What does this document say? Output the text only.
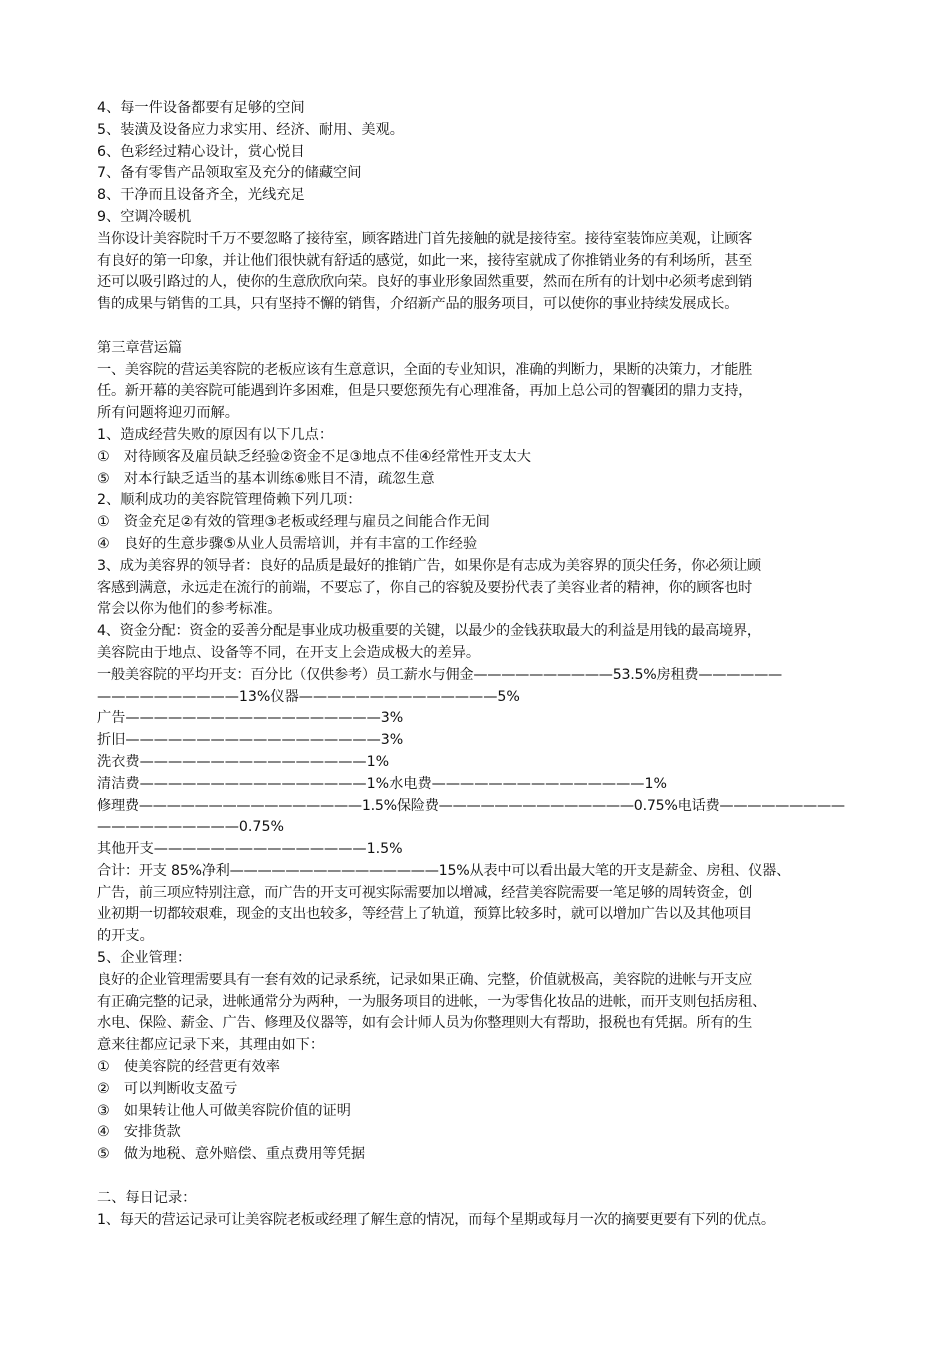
4、每一件设备都要有足够的空间
5、装潢及设备应力求实用、经济、耐用、美观。
6、色彩经过精心设计，赏心悦目
7、备有零售产品领取室及充分的储藏空间
8、干净而且设备齐全，光线充足
9、空调冷暖机
当你设计美容院时千万不要忽略了接待室，顾客踏进门首先接触的就是接待室。接待室装饰应美观，让顾客
有良好的第一印象，并让他们很快就有舒适的感觉，如此一来，接待室就成了你推销业务的有利场所，甚至
还可以吸引路过的人，使你的生意欣欣向荣。良好的事业形象固然重要，然而在所有的计划中必须考虑到销
售的成果与销售的工具，只有坚持不懈的销售，介绍新产品的服务项目，可以使你的事业持续发展成长。
第三章营运篇
一、美容院的营运美容院的老板应该有生意意识，全面的专业知识，准确的判断力，果断的决策力，才能胜
任。新开幕的美容院可能遇到许多困难，但是只要您预先有心理准备，再加上总公司的智囊团的鼎力支持，
所有问题将迎刃而解。
1、造成经营失败的原因有以下几点：
①　对待顾客及雇员缺乏经验②资金不足③地点不佳④经常性开支太大
⑤　对本行缺乏适当的基本训练⑥账目不清，疏忽生意
2、顺利成功的美容院管理倚赖下列几项：
①　资金充足②有效的管理③老板或经理与雇员之间能合作无间
④　良好的生意步骤⑤从业人员需培训，并有丰富的工作经验
3、成为美容界的领导者：良好的品质是最好的推销广告，如果你是有志成为美容界的顶尖任务，你必须让顾
客感到满意，永远走在流行的前端，不要忘了，你自己的容貌及要扮代表了美容业者的精神，你的顾客也时
常会以你为他们的参考标准。
4、资金分配：资金的妥善分配是事业成功极重要的关键，以最少的金钱获取最大的利益是用钱的最高境界，
美容院由于地点、设备等不同，在开支上会造成极大的差异。
一般美容院的平均开支：百分比（仅供参考）员工薪水与佣金——————————53.5%房租费——————
——————————13%仪器——————————————5%
广告——————————————————3%
折旧——————————————————3%
洗衣费————————————————1%
清洁费————————————————1%水电费———————————————1%
修理费————————————————1.5%保险费——————————————0.75%电话费—————————
——————————0.75%
其他开支———————————————1.5%
合计：开支 85%净利———————————————15%从表中可以看出最大笔的开支是薪金、房租、仪器、
广告，前三项应特别注意，而广告的开支可视实际需要加以增减，经营美容院需要一笔足够的周转资金，创
业初期一切都较艰难，现金的支出也较多，等经营上了轨道，预算比较多时，就可以增加广告以及其他项目
的开支。
5、企业管理：
良好的企业管理需要具有一套有效的记录系统，记录如果正确、完整，价值就极高，美容院的进帐与开支应
有正确完整的记录，进帐通常分为两种，一为服务项目的进帐，一为零售化妆品的进帐，而开支则包括房租、
水电、保险、薪金、广告、修理及仪器等，如有会计师人员为你整理则大有帮助，报税也有凭据。所有的生
意来往都应记录下来，其理由如下：
①　使美容院的经营更有效率
②　可以判断收支盈亏
③　如果转让他人可做美容院价值的证明
④　安排货款
⑤　做为地税、意外赔偿、重点费用等凭据
二、每日记录：
1、每天的营运记录可让美容院老板或经理了解生意的情况，而每个星期或每月一次的摘要更要有下列的优点。
